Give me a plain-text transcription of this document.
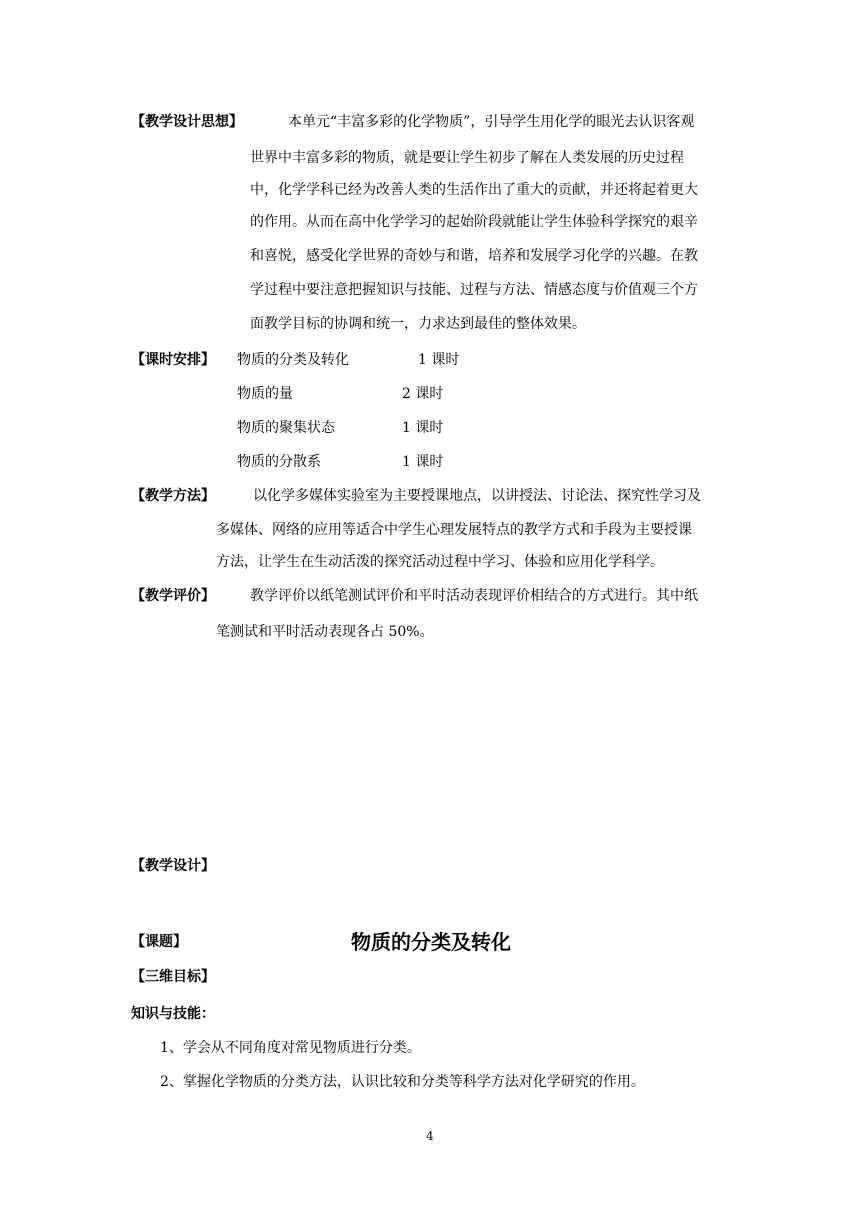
【教学设计思想】	本单元“丰富多彩的化学物质”，引导学生用化学的眼光去认识客观
世界中丰富多彩的物质，就是要让学生初步了解在人类发展的历史过程
中，化学学科已经为改善人类的生活作出了重大的贡献，并还将起着更大
的作用。从而在高中化学学习的起始阶段就能让学生体验科学探究的艰辛
和喜悦，感受化学世界的奇妙与和谐，培养和发展学习化学的兴趣。在教
学过程中要注意把握知识与技能、过程与方法、情感态度与价值观三个方
面教学目标的协调和统一，力求达到最佳的整体效果。
【课时安排】 物质的分类及转化	1 课时
物质的量	2 课时
物质的聚集状态	1 课时
物质的分散系	1 课时
【教学方法】	以化学多媒体实验室为主要授课地点，以讲授法、讨论法、探究性学习及
多媒体、网络的应用等适合中学生心理发展特点的教学方式和手段为主要授课
方法，让学生在生动活泼的探究活动过程中学习、体验和应用化学科学。
【教学评价】	教学评价以纸笔测试评价和平时活动表现评价相结合的方式进行。其中纸
笔测试和平时活动表现各占 50%。
【教学设计】
【课题】	物质的分类及转化
【三维目标】
知识与技能：
1、学会从不同角度对常见物质进行分类。
2、掌握化学物质的分类方法，认识比较和分类等科学方法对化学研究的作用。
4
